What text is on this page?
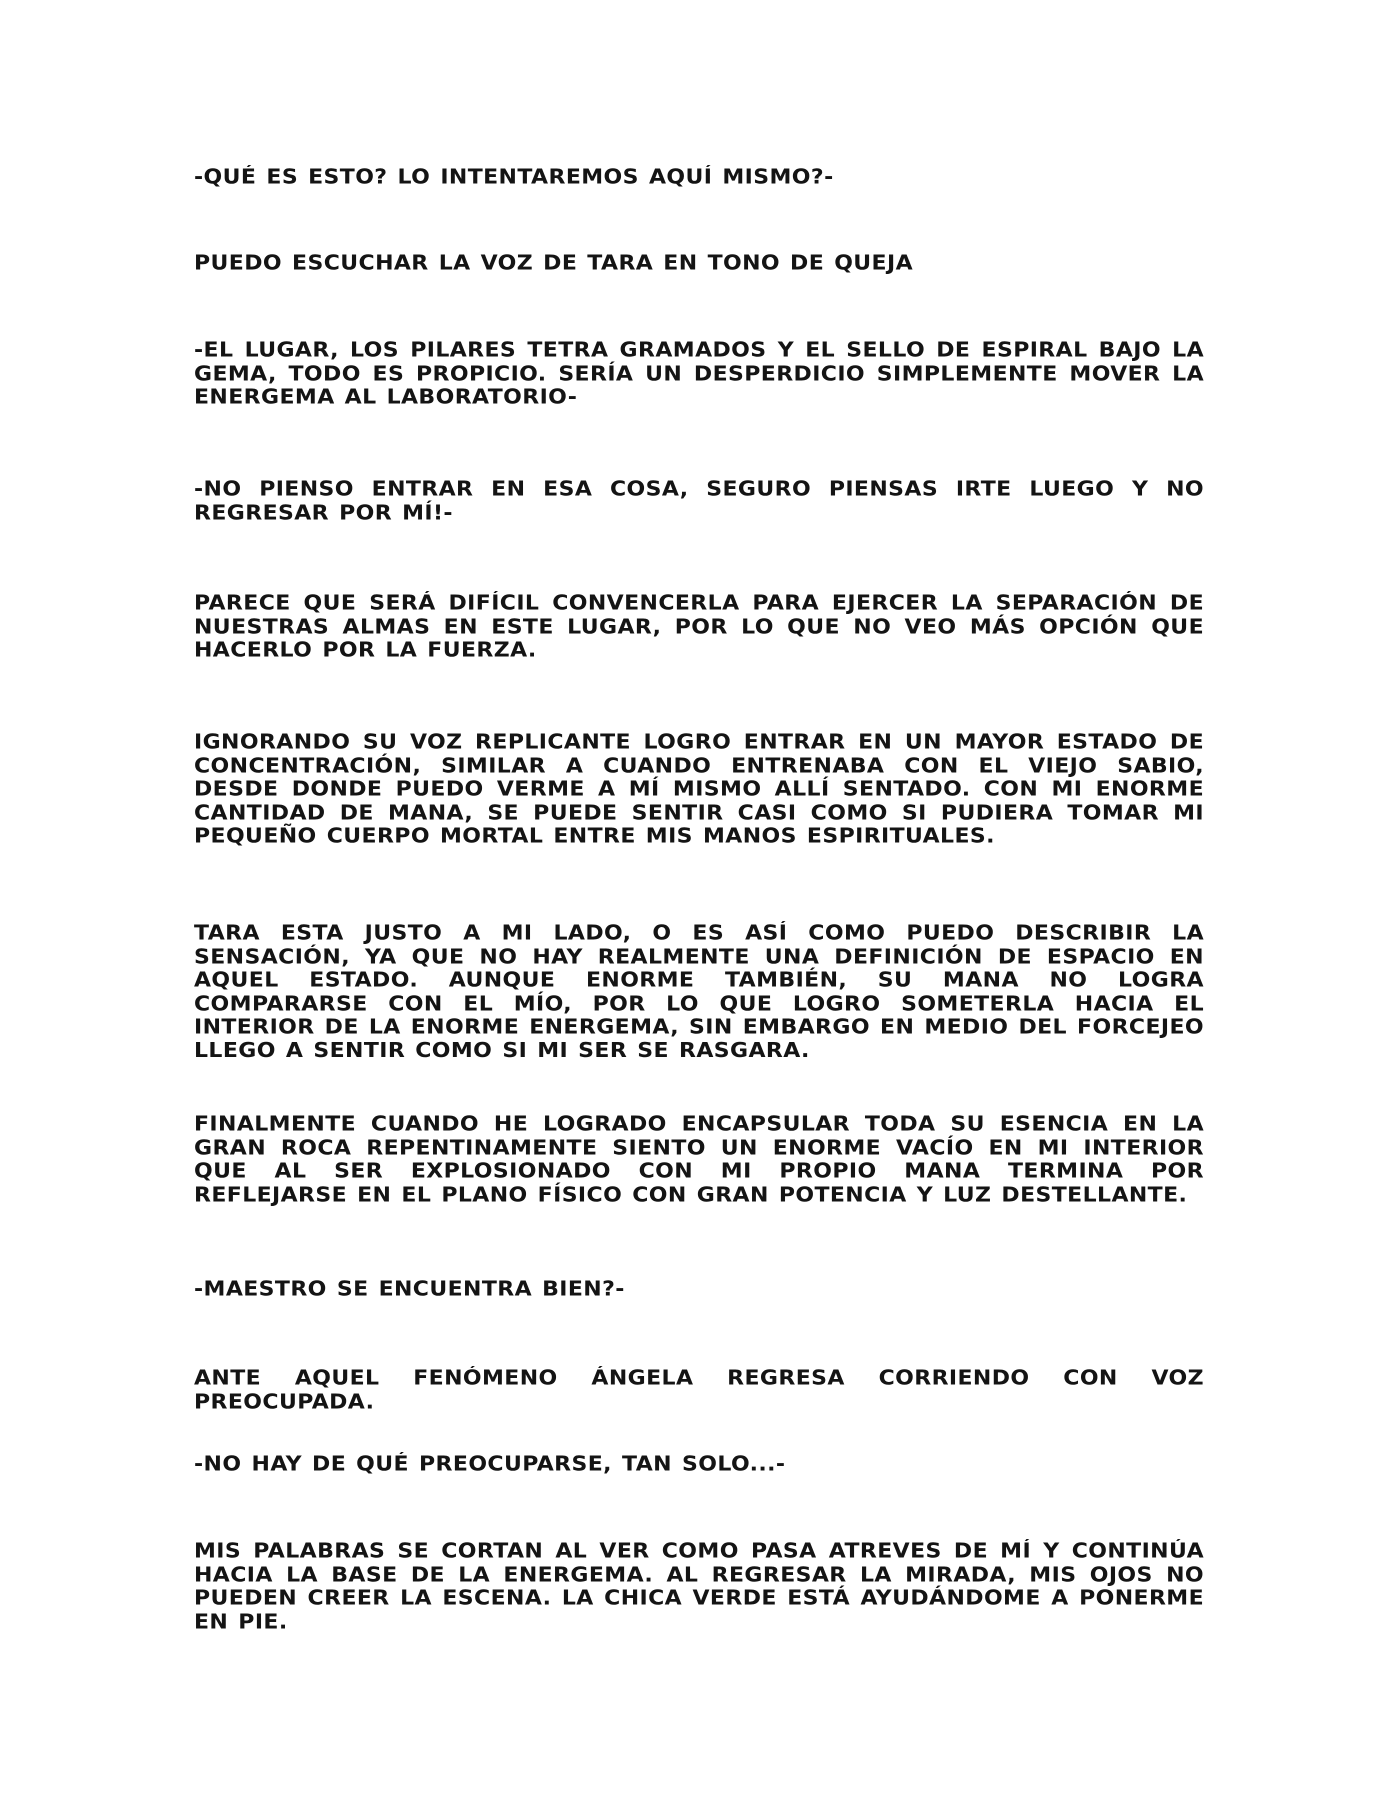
-QUÉ ES ESTO? LO INTENTAREMOS AQUÍ MISMO?-

PUEDO ESCUCHAR LA VOZ DE TARA EN TONO DE QUEJA

-EL LUGAR, LOS PILARES TETRA GRAMADOS Y EL SELLO DE ESPIRAL BAJO LA GEMA, TODO ES PROPICIO. SERÍA UN DESPERDICIO SIMPLEMENTE MOVER LA ENERGEMA AL LABORATORIO-

-NO PIENSO ENTRAR EN ESA COSA, SEGURO PIENSAS IRTE LUEGO Y NO REGRESAR POR MÍ!-

PARECE QUE SERÁ DIFÍCIL CONVENCERLA PARA EJERCER LA SEPARACIÓN DE NUESTRAS ALMAS EN ESTE LUGAR, POR LO QUE NO VEO MÁS OPCIÓN QUE HACERLO POR LA FUERZA.

IGNORANDO SU VOZ REPLICANTE LOGRO ENTRAR EN UN MAYOR ESTADO DE CONCENTRACIÓN, SIMILAR A CUANDO ENTRENABA CON EL VIEJO SABIO, DESDE DONDE PUEDO VERME A MÍ MISMO ALLÍ SENTADO. CON MI ENORME CANTIDAD DE MANA, SE PUEDE SENTIR CASI COMO SI PUDIERA TOMAR MI PEQUEÑO CUERPO MORTAL ENTRE MIS MANOS ESPIRITUALES.

TARA ESTA JUSTO A MI LADO, O ES ASÍ COMO PUEDO DESCRIBIR LA SENSACIÓN, YA QUE NO HAY REALMENTE UNA DEFINICIÓN DE ESPACIO EN AQUEL ESTADO. AUNQUE ENORME TAMBIÉN, SU MANA NO LOGRA COMPARARSE CON EL MÍO, POR LO QUE LOGRO SOMETERLA HACIA EL INTERIOR DE LA ENORME ENERGEMA, SIN EMBARGO EN MEDIO DEL FORCEJEO LLEGO A SENTIR COMO SI MI SER SE RASGARA.

FINALMENTE CUANDO HE LOGRADO ENCAPSULAR TODA SU ESENCIA EN LA GRAN ROCA REPENTINAMENTE SIENTO UN ENORME VACÍO EN MI INTERIOR QUE AL SER EXPLOSIONADO CON MI PROPIO MANA TERMINA POR REFLEJARSE EN EL PLANO FÍSICO CON GRAN POTENCIA Y LUZ DESTELLANTE.

-MAESTRO SE ENCUENTRA BIEN?-

ANTE AQUEL FENÓMENO ÁNGELA REGRESA CORRIENDO CON VOZ PREOCUPADA.

-NO HAY DE QUÉ PREOCUPARSE, TAN SOLO...-

MIS PALABRAS SE CORTAN AL VER COMO PASA ATREVES DE MÍ Y CONTINÚA HACIA LA BASE DE LA ENERGEMA. AL REGRESAR LA MIRADA, MIS OJOS NO PUEDEN CREER LA ESCENA. LA CHICA VERDE ESTÁ AYUDÁNDOME A PONERME EN PIE.
